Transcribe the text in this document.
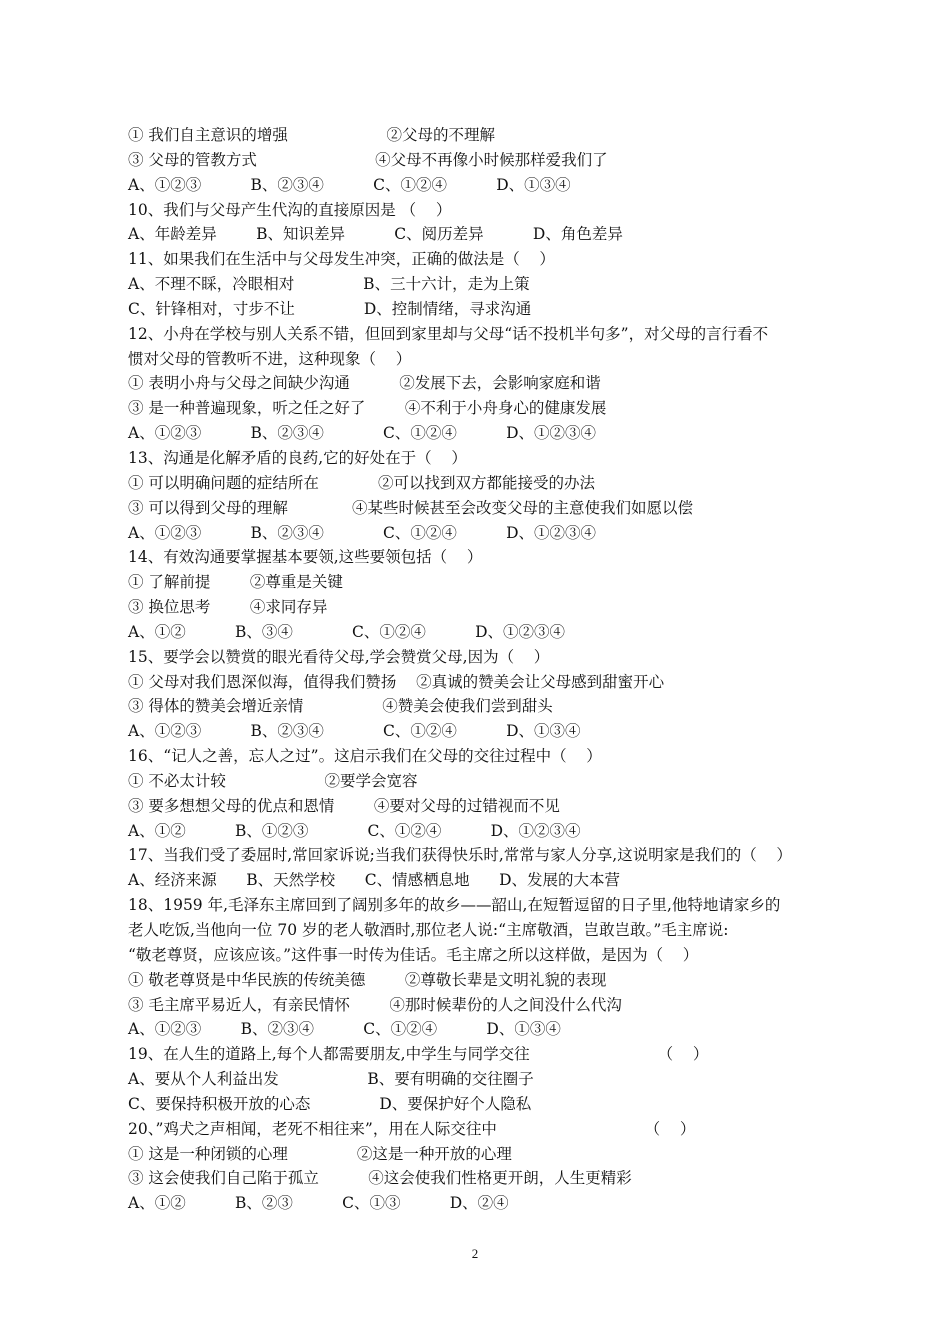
① 我们自主意识的增强                    ②父母的不理解
③ 父母的管教方式                        ④父母不再像小时候那样爱我们了
A、①②③          B、②③④          C、①②④          D、①③④
10、我们与父母产生代沟的直接原因是 （    ）
A、年龄差异        B、知识差异          C、阅历差异          D、角色差异
11、如果我们在生活中与父母发生冲突，正确的做法是（    ）
A、不理不睬，冷眼相对              B、三十六计，走为上策
C、针锋相对，寸步不让              D、控制情绪，寻求沟通
12、小舟在学校与别人关系不错，但回到家里却与父母“话不投机半句多”，对父母的言行看不
惯对父母的管教听不进，这种现象（    ）
① 表明小舟与父母之间缺少沟通          ②发展下去，会影响家庭和谐
③ 是一种普遍现象，听之任之好了        ④不利于小舟身心的健康发展
A、①②③          B、②③④            C、①②④          D、①②③④
13、沟通是化解矛盾的良药,它的好处在于（    ）
① 可以明确问题的症结所在            ②可以找到双方都能接受的办法
③ 可以得到父母的理解             ④某些时候甚至会改变父母的主意使我们如愿以偿
A、①②③          B、②③④            C、①②④          D、①②③④
14、有效沟通要掌握基本要领,这些要领包括（    ）
① 了解前提        ②尊重是关键
③ 换位思考        ④求同存异
A、①②          B、③④            C、①②④          D、①②③④
15、要学会以赞赏的眼光看待父母,学会赞赏父母,因为（    ）
① 父母对我们恩深似海，值得我们赞扬    ②真诚的赞美会让父母感到甜蜜开心
③ 得体的赞美会增近亲情                ④赞美会使我们尝到甜头
A、①②③          B、②③④            C、①②④          D、①③④
16、“记人之善，忘人之过”。这启示我们在父母的交往过程中（    ）
① 不必太计较                    ②要学会宽容
③ 要多想想父母的优点和恩情        ④要对父母的过错视而不见
A、①②          B、①②③            C、①②④          D、①②③④
17、当我们受了委屈时,常回家诉说;当我们获得快乐时,常常与家人分享,这说明家是我们的（    ）
A、经济来源      B、天然学校      C、情感栖息地      D、发展的大本营
18、1959 年,毛泽东主席回到了阔别多年的故乡——韶山,在短暂逗留的日子里,他特地请家乡的
老人吃饭,当他向一位 70 岁的老人敬酒时,那位老人说:“主席敬酒，岂敢岂敢。”毛主席说:
“敬老尊贤，应该应该。”这件事一时传为佳话。毛主席之所以这样做，是因为（    ）
① 敬老尊贤是中华民族的传统美德        ②尊敬长辈是文明礼貌的表现
③ 毛主席平易近人，有亲民情怀        ④那时候辈份的人之间没什么代沟
A、①②③        B、②③④          C、①②④          D、①③④
19、在人生的道路上,每个人都需要朋友,中学生与同学交往                          （    ）
A、要从个人利益出发                  B、要有明确的交往圈子
C、要保持积极开放的心态              D、要保护好个人隐私
20、”鸡犬之声相闻，老死不相往来”，用在人际交往中                              （    ）
① 这是一种闭锁的心理              ②这是一种开放的心理
③ 这会使我们自己陷于孤立          ④这会使我们性格更开朗，人生更精彩
A、①②          B、②③          C、①③          D、②④
2
